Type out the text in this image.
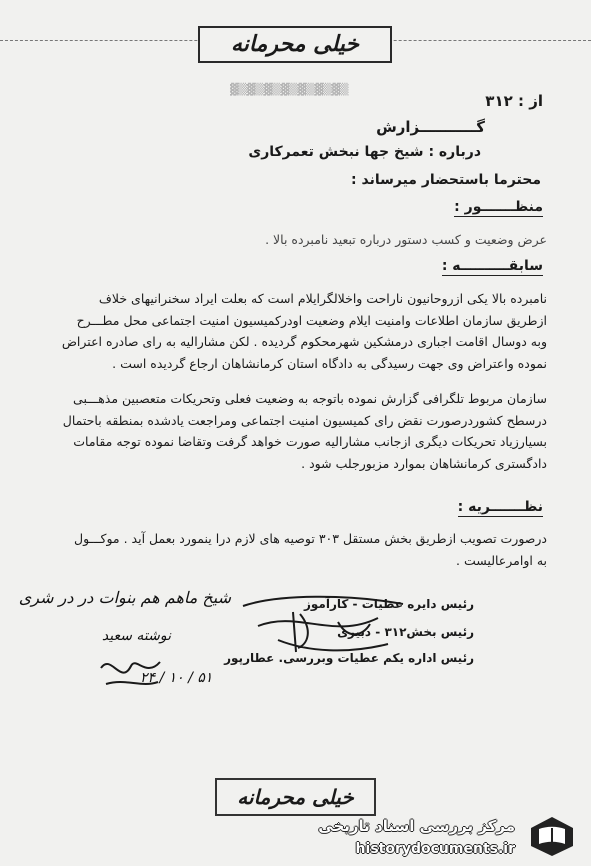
خیلی محرمانه
▓▒▓▒▓▒▓▒▓▒▓▒▓▒
از : ۳۱۲
گـــــــــــزارش
درباره : شیخ جها نبخش تعمرکاری
محترما باستحضار میرساند :
منظـــــــور :
عرض وضعیت و کسب دستور درباره تبعید نامبرده بالا .
سابقــــــــــه :
نامبرده بالا یکی ازروحانیون ناراحت واخلالگرایلام است که بعلت ایراد سخنرانیهای خلاف
ازطریق سازمان اطلاعات وامنیت ایلام وضعیت اودرکمیسیون امنیت اجتماعی محل مطـــرح
وبه دوسال اقامت اجباری درمشکین شهرمحکوم گردیده . لکن مشارالیه به رای صادره اعتراض
نموده واعتراض وی جهت رسیدگی به دادگاه استان کرمانشاهان ارجاع گردیده است .
سازمان مربوط تلگرافی گزارش نموده باتوجه به وضعیت فعلی وتحریکات متعصبین مذهـــبی
درسطح کشوردرصورت نقض رای کمیسیون امنیت اجتماعی ومراجعت یادشده بمنطقه باحتمال
بسیارزیاد تحریکات دیگری ازجانب مشارالیه صورت خواهد گرفت وتقاضا نموده توجه مقامات
دادگستری کرمانشاهان بموارد مزبورجلب شود .
نظـــــــریه :
درصورت تصویب ازطریق بخش مستقل ۳۰۳ توصیه های لازم درا ینمورد بعمل آید . موکـــول
به اوامرعالیست .
رئیس دایره عطیات - کارآموز
رئیس بخش۳۱۲ - دبیری
رئیس اداره یکم عطیات وبررسی. عطارپور
شیخ ماهم هم بنوات در در شری
نوشته سعید
۲۴ / ۱۰ / ۵۱
خیلی محرمانه
مرکز بررسی اسناد تاریخی
historydocuments.ir
